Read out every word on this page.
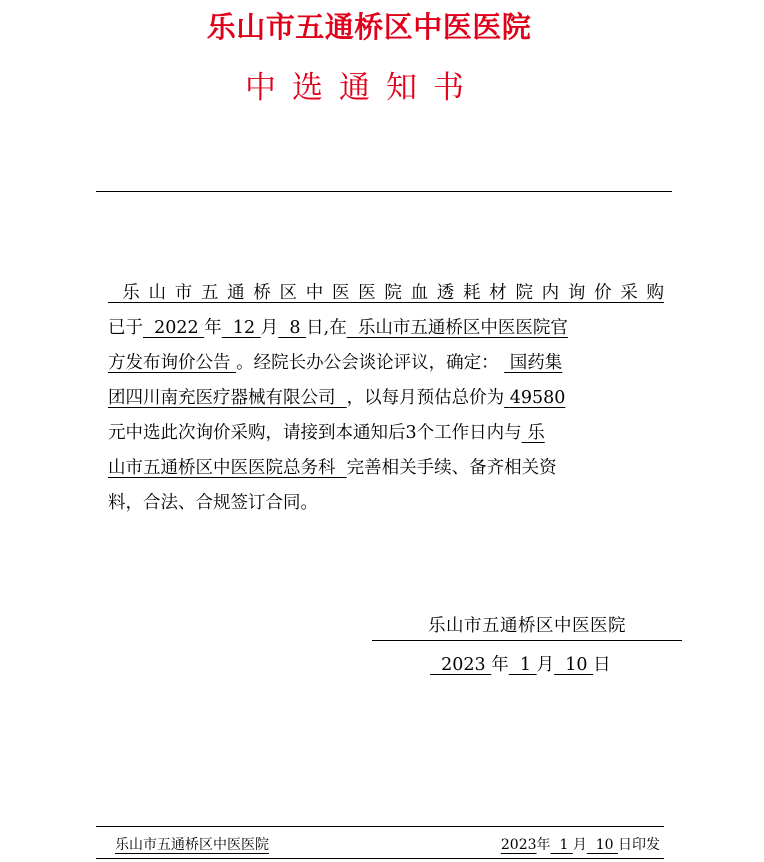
乐山市五通桥区中医医院
中选通知书
乐山市五通桥区中医医院血透耗材院内询价采购
已于 2022 年 12 月 8 日,在 乐山市五通桥区中医医院官
方发布询价公告 。经院长办公会谈论评议，确定： 国药集
团四川南充医疗器械有限公司 ，以每月预估总价为 49580
元中选此次询价采购，请接到本通知后3个工作日内与 乐
山市五通桥区中医医院总务科 完善相关手续、备齐相关资
料，合法、合规签订合同。
乐山市五通桥区中医医院
2023 年 1 月 10 日
乐山市五通桥区中医医院	2023年 1 月 10 日印发
